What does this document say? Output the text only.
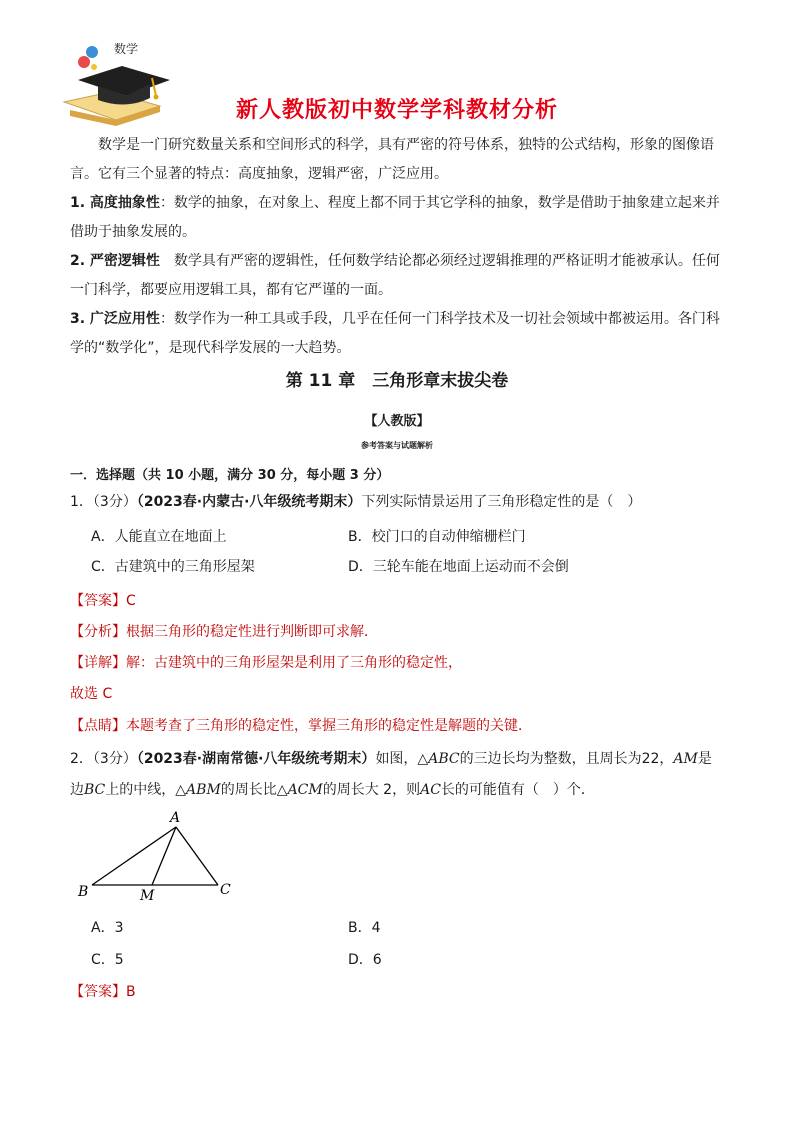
数学
新人教版初中数学学科教材分析
数学是一门研究数量关系和空间形式的科学，具有严密的符号体系，独特的公式结构，形象的图像语言。它有三个显著的特点：高度抽象，逻辑严密，广泛应用。
1. 高度抽象性：数学的抽象，在对象上、程度上都不同于其它学科的抽象，数学是借助于抽象建立起来并借助于抽象发展的。
2. 严密逻辑性　数学具有严密的逻辑性，任何数学结论都必须经过逻辑推理的严格证明才能被承认。任何一门科学，都要应用逻辑工具，都有它严谨的一面。
3. 广泛应用性：数学作为一种工具或手段，几乎在任何一门科学技术及一切社会领域中都被运用。各门科学的“数学化”，是现代科学发展的一大趋势。
第 11 章　三角形章末拔尖卷
【人教版】
参考答案与试题解析
一．选择题（共 10 小题，满分 30 分，每小题 3 分）
1．（3分）（2023春·内蒙古·八年级统考期末）下列实际情景运用了三角形稳定性的是（　）
A．人能直立在地面上	B．校门口的自动伸缩栅栏门
C．古建筑中的三角形屋架	D．三轮车能在地面上运动而不会倒
【答案】C
【分析】根据三角形的稳定性进行判断即可求解．
【详解】解：古建筑中的三角形屋架是利用了三角形的稳定性，
故选 C
【点睛】本题考查了三角形的稳定性，掌握三角形的稳定性是解题的关键．
2．（3分）（2023春·湖南常德·八年级统考期末）如图，△ABC的三边长均为整数，且周长为22，AM是边BC上的中线，△ABM的周长比△ACM的周长大 2，则AC长的可能值有（　）个．
A
B	C
M
A．3	B．4
C．5	D．6
【答案】B
